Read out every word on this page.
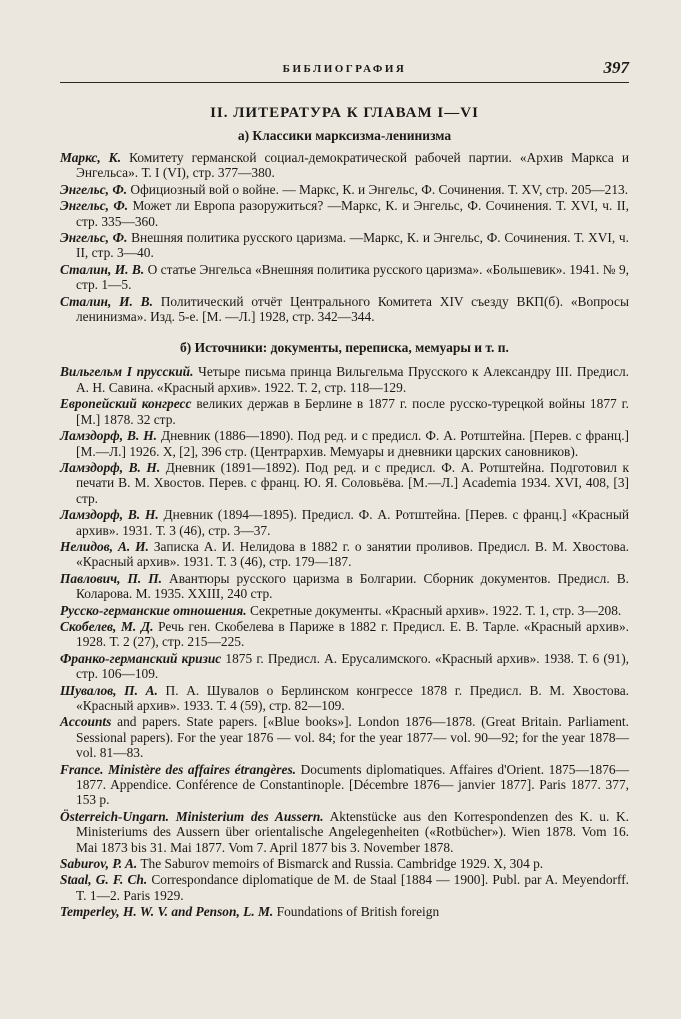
БИБЛИОГРАФИЯ	397
II. ЛИТЕРАТУРА К ГЛАВАМ I—VI
а) Классики марксизма-ленинизма
Маркс, К. Комитету германской социал-демократической рабочей партии. «Архив Маркса и Энгельса». Т. I (VI), стр. 377—380.
Энгельс, Ф. Официозный вой о войне. — Маркс, К. и Энгельс, Ф. Сочинения. Т. XV, стр. 205—213.
Энгельс, Ф. Может ли Европа разоружиться? —Маркс, К. и Энгельс, Ф. Сочинения. Т. XVI, ч. II, стр. 335—360.
Энгельс, Ф. Внешняя политика русского царизма. —Маркс, К. и Энгельс, Ф. Сочинения. Т. XVI, ч. II, стр. 3—40.
Сталин, И. В. О статье Энгельса «Внешняя политика русского царизма». «Большевик». 1941. № 9, стр. 1—5.
Сталин, И. В. Политический отчёт Центрального Комитета XIV съезду ВКП(б). «Вопросы ленинизма». Изд. 5-е. [М. —Л.] 1928, стр. 342—344.
б) Источники: документы, переписка, мемуары и т. п.
Вильгельм I прусский. Четыре письма принца Вильгельма Прусского к Александру III. Предисл. А. Н. Савина. «Красный архив». 1922. Т. 2, стр. 118—129.
Европейский конгресс великих держав в Берлине в 1877 г. после русско-турецкой войны 1877 г. [М.] 1878. 32 стр.
Ламздорф, В. Н. Дневник (1886—1890). Под ред. и с предисл. Ф. А. Ротштейна. [Перев. с франц.] [М.—Л.] 1926. X, [2], 396 стр. (Центрархив. Мемуары и дневники царских сановников).
Ламздорф, В. Н. Дневник (1891—1892). Под ред. и с предисл. Ф. А. Ротштейна. Подготовил к печати В. М. Хвостов. Перев. с франц. Ю. Я. Соловьёва. [М.—Л.] Academia 1934. XVI, 408, [3] стр.
Ламздорф, В. Н. Дневник (1894—1895). Предисл. Ф. А. Ротштейна. [Перев. с франц.] «Красный архив». 1931. Т. 3 (46), стр. 3—37.
Нелидов, А. И. Записка А. И. Нелидова в 1882 г. о занятии проливов. Предисл. В. М. Хвостова. «Красный архив». 1931. Т. 3 (46), стр. 179—187.
Павлович, П. П. Авантюры русского царизма в Болгарии. Сборник документов. Предисл. В. Коларова. М. 1935. XXIII, 240 стр.
Русско-германские отношения. Секретные документы. «Красный архив». 1922. Т. 1, стр. 3—208.
Скобелев, М. Д. Речь ген. Скобелева в Париже в 1882 г. Предисл. Е. В. Тарле. «Красный архив». 1928. Т. 2 (27), стр. 215—225.
Франко-германский кризис 1875 г. Предисл. А. Ерусалимского. «Красный архив». 1938. Т. 6 (91), стр. 106—109.
Шувалов, П. А. П. А. Шувалов о Берлинском конгрессе 1878 г. Предисл. В. М. Хвостова. «Красный архив». 1933. Т. 4 (59), стр. 82—109.
Accounts and papers. State papers. [«Blue books»]. London 1876—1878. (Great Britain. Parliament. Sessional papers). For the year 1876 — vol. 84; for the year 1877— vol. 90—92; for the year 1878— vol. 81—83.
France. Ministère des affaires étrangères. Documents diplomatiques. Affaires d'Orient. 1875—1876—1877. Appendice. Conférence de Constantinople. [Décembre 1876— janvier 1877]. Paris 1877. 377, 153 p.
Österreich-Ungarn. Ministerium des Aussern. Aktenstücke aus den Korrespondenzen des K. u. K. Ministeriums des Aussern über orientalische Angelegenheiten («Rotbücher»). Wien 1878. Vom 16. Mai 1873 bis 31. Mai 1877. Vom 7. April 1877 bis 3. November 1878.
Saburov, P. A. The Saburov memoirs of Bismarck and Russia. Cambridge 1929. X, 304 p.
Staal, G. F. Ch. Correspondance diplomatique de M. de Staal [1884 — 1900]. Publ. par A. Meyendorff. T. 1—2. Paris 1929.
Temperley, H. W. V. and Penson, L. M. Foundations of British foreign
